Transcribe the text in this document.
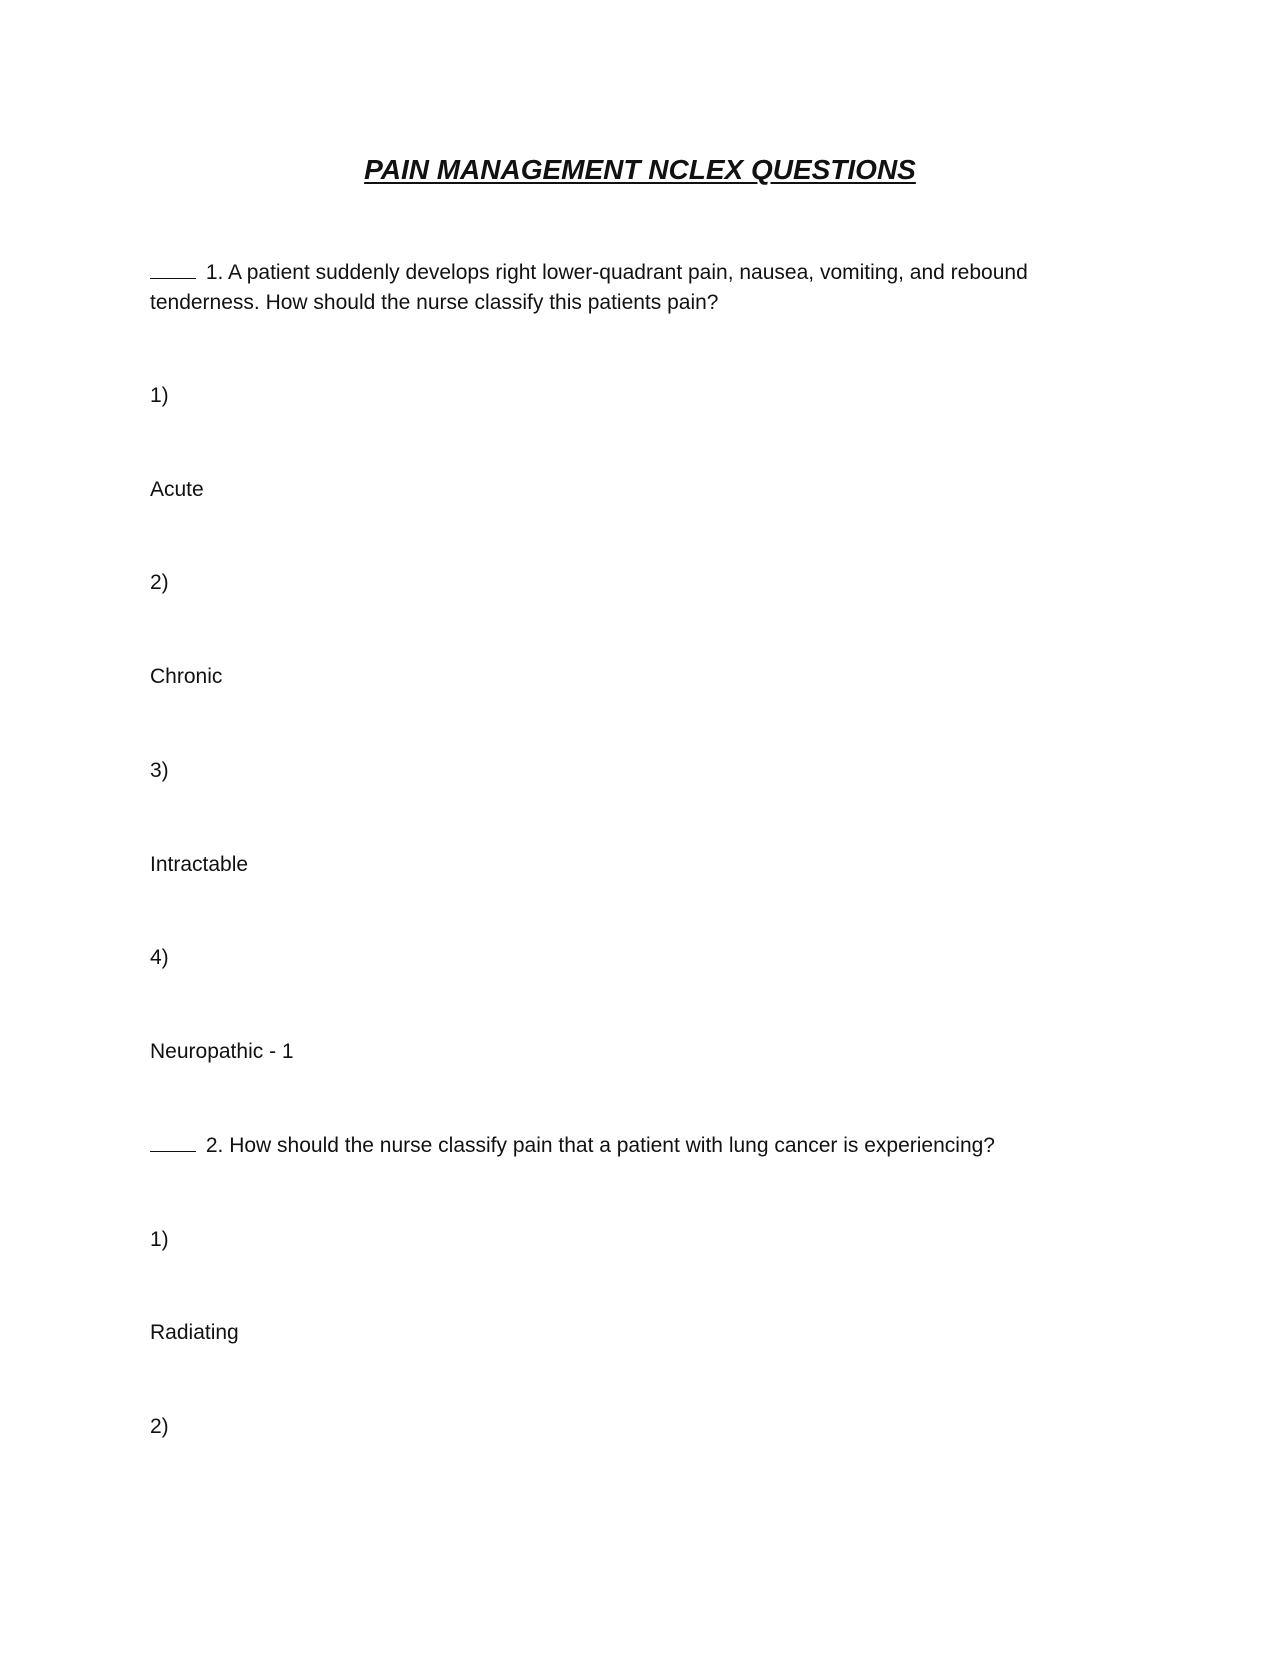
PAIN MANAGEMENT NCLEX QUESTIONS

1. A patient suddenly develops right lower-quadrant pain, nausea, vomiting, and rebound tenderness. How should the nurse classify this patients pain?

1)

Acute

2)

Chronic

3)

Intractable

4)

Neuropathic - 1

2. How should the nurse classify pain that a patient with lung cancer is experiencing?

1)

Radiating

2)
